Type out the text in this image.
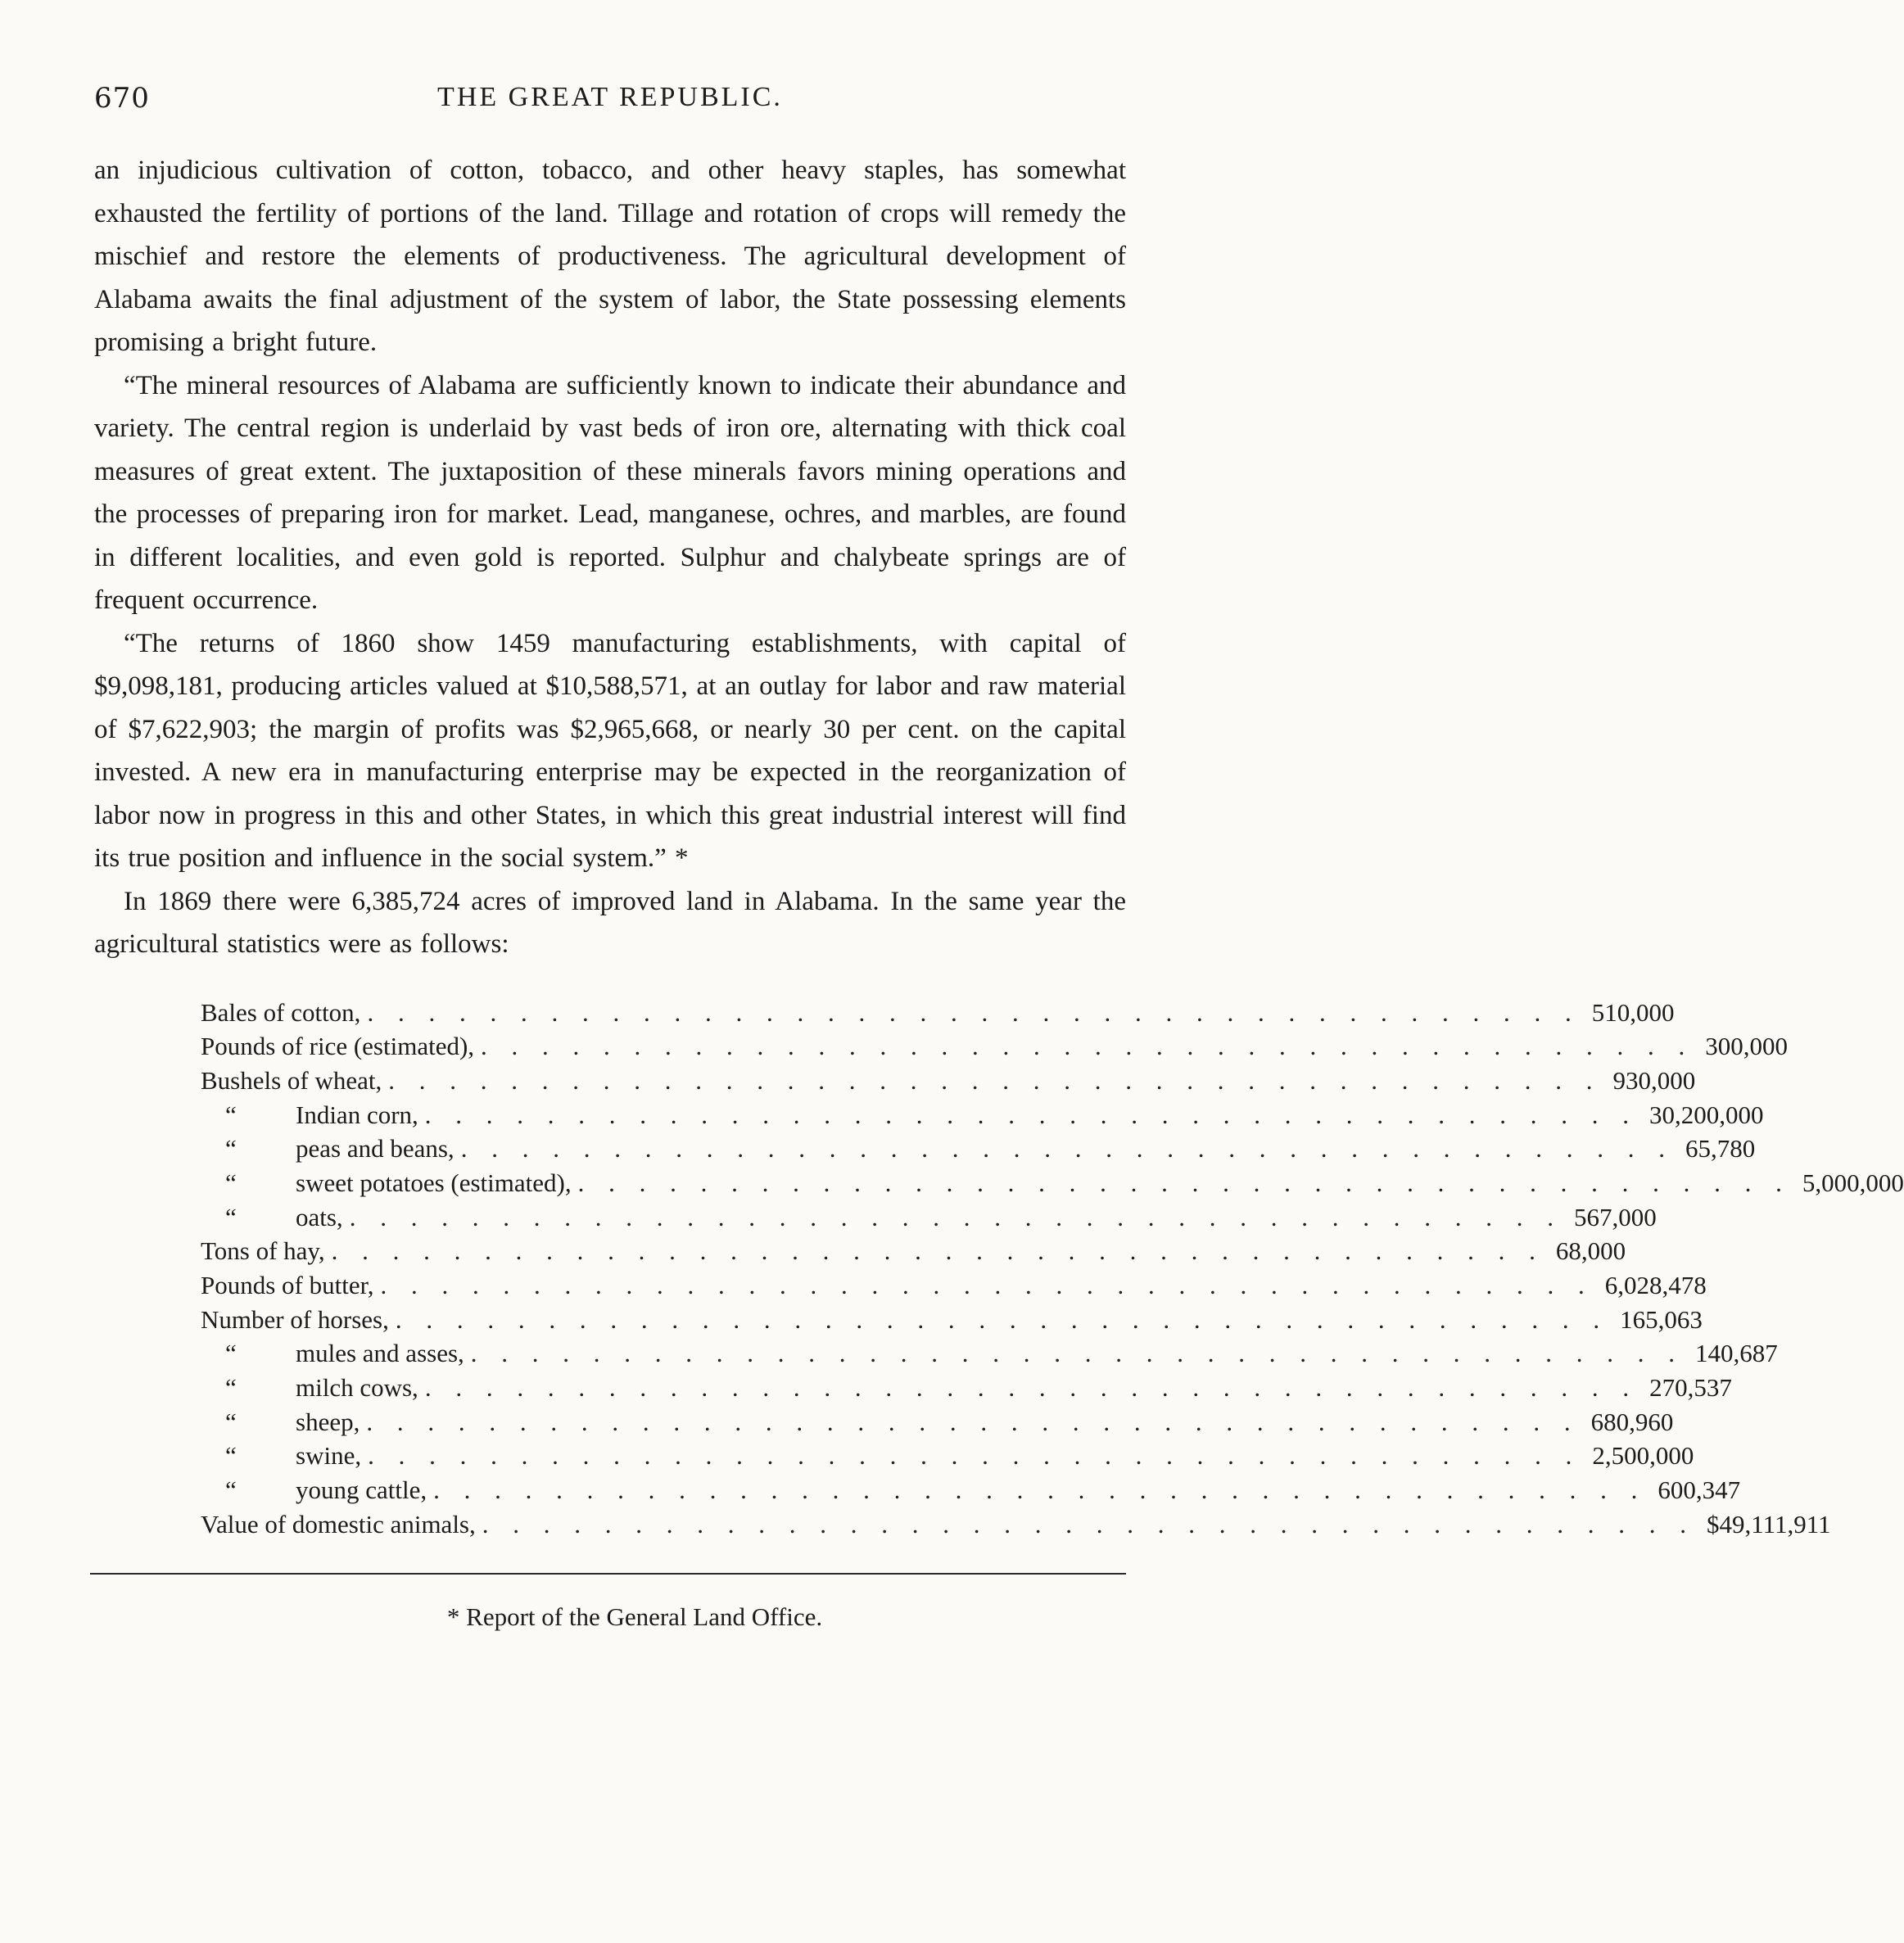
670	THE GREAT REPUBLIC.

an injudicious cultivation of cotton, tobacco, and other heavy staples, has somewhat exhausted the fertility of portions of the land. Tillage and rotation of crops will remedy the mischief and restore the elements of productiveness. The agricultural development of Alabama awaits the final adjustment of the system of labor, the State possessing elements promising a bright future.

“The mineral resources of Alabama are sufficiently known to indicate their abundance and variety. The central region is underlaid by vast beds of iron ore, alternating with thick coal measures of great extent. The juxtaposition of these minerals favors mining operations and the processes of preparing iron for market. Lead, manganese, ochres, and marbles, are found in different localities, and even gold is reported. Sulphur and chalybeate springs are of frequent occurrence.

“The returns of 1860 show 1459 manufacturing establishments, with capital of $9,098,181, producing articles valued at $10,588,571, at an outlay for labor and raw material of $7,622,903; the margin of profits was $2,965,668, or nearly 30 per cent. on the capital invested. A new era in manufacturing enterprise may be expected in the reorganization of labor now in progress in this and other States, in which this great industrial interest will find its true position and influence in the social system.” *

In 1869 there were 6,385,724 acres of improved land in Alabama. In the same year the agricultural statistics were as follows:

Bales of cotton, . . . . . . . . . . . . . . . . . . . . . . . . . . . . . . . . . . . . . . . . 510,000
Pounds of rice (estimated), . . . . . . . . . . . . . . . . . . . . . . . . . . . . . . . . . . . . . . . . 300,000
Bushels of wheat, . . . . . . . . . . . . . . . . . . . . . . . . . . . . . . . . . . . . . . . . 930,000
“ Indian corn, . . . . . . . . . . . . . . . . . . . . . . . . . . . . . . . . . . . . . . . . 30,200,000
“ peas and beans, . . . . . . . . . . . . . . . . . . . . . . . . . . . . . . . . . . . . . . . . 65,780
“ sweet potatoes (estimated), . . . . . . . . . . . . . . . . . . . . . . . . . . . . . . . . . . . . . . . . 5,000,000
“ oats, . . . . . . . . . . . . . . . . . . . . . . . . . . . . . . . . . . . . . . . . 567,000
Tons of hay, . . . . . . . . . . . . . . . . . . . . . . . . . . . . . . . . . . . . . . . . 68,000
Pounds of butter, . . . . . . . . . . . . . . . . . . . . . . . . . . . . . . . . . . . . . . . . 6,028,478
Number of horses, . . . . . . . . . . . . . . . . . . . . . . . . . . . . . . . . . . . . . . . . 165,063
“ mules and asses, . . . . . . . . . . . . . . . . . . . . . . . . . . . . . . . . . . . . . . . . 140,687
“ milch cows, . . . . . . . . . . . . . . . . . . . . . . . . . . . . . . . . . . . . . . . . 270,537
“ sheep, . . . . . . . . . . . . . . . . . . . . . . . . . . . . . . . . . . . . . . . . 680,960
“ swine, . . . . . . . . . . . . . . . . . . . . . . . . . . . . . . . . . . . . . . . . 2,500,000
“ young cattle, . . . . . . . . . . . . . . . . . . . . . . . . . . . . . . . . . . . . . . . . 600,347
Value of domestic animals, . . . . . . . . . . . . . . . . . . . . . . . . . . . . . . . . . . . . . . . . $49,111,911
* Report of the General Land Office.
